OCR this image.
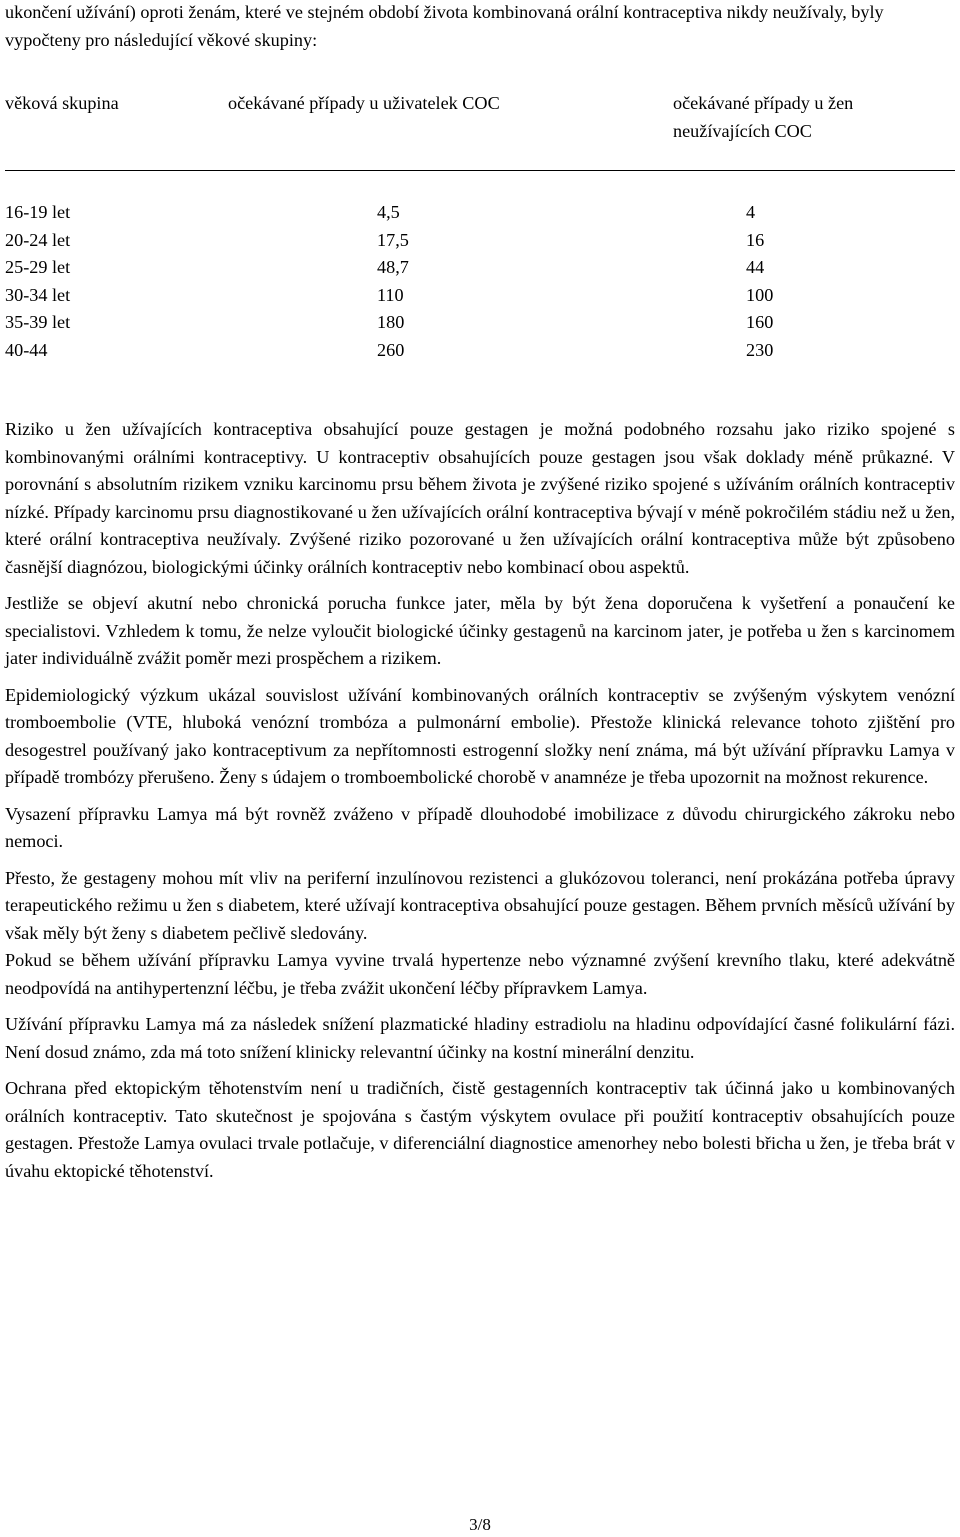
ukončení užívání) oproti ženám, které ve stejném období života kombinovaná orální kontraceptiva nikdy neužívaly, byly vypočteny pro následující věkové skupiny:
věková skupina	očekávané případy u uživatelek COC	očekávané případy u žen neužívajících COC
16-19 let	4,5	4
20-24 let	17,5	16
25-29 let	48,7	44
30-34 let	110	100
35-39 let	180	160
40-44	260	230

Riziko u žen užívajících kontraceptiva obsahující pouze gestagen je možná podobného rozsahu jako riziko spojené s kombinovanými orálními kontraceptivy. U kontraceptiv obsahujících pouze gestagen jsou však doklady méně průkazné. V porovnání s absolutním rizikem vzniku karcinomu prsu během života je zvýšené riziko spojené s užíváním orálních kontraceptiv nízké. Případy karcinomu prsu diagnostikované u žen užívajících orální kontraceptiva bývají v méně pokročilém stádiu než u žen, které orální kontraceptiva neužívaly. Zvýšené riziko pozorované u žen užívajících orální kontraceptiva může být způsobeno časnější diagnózou, biologickými účinky orálních kontraceptiv nebo kombinací obou aspektů.

Jestliže se objeví akutní nebo chronická porucha funkce jater, měla by být žena doporučena k vyšetření a ponaučení ke specialistovi. Vzhledem k tomu, že nelze vyloučit biologické účinky gestagenů na karcinom jater, je potřeba u žen s karcinomem jater individuálně zvážit poměr mezi prospěchem a rizikem.

Epidemiologický výzkum ukázal souvislost užívání kombinovaných orálních kontraceptiv se zvýšeným výskytem venózní tromboembolie (VTE, hluboká venózní trombóza a pulmonární embolie). Přestože klinická relevance tohoto zjištění pro desogestrel používaný jako kontraceptivum za nepřítomnosti estrogenní složky není známa, má být užívání přípravku Lamya v případě trombózy přerušeno. Ženy s údajem o tromboembolické chorobě v anamnéze je třeba upozornit na možnost rekurence.

Vysazení přípravku Lamya má být rovněž zváženo v případě dlouhodobé imobilizace z důvodu chirurgického zákroku nebo nemoci.

Přesto, že gestageny mohou mít vliv na periferní inzulínovou rezistenci a glukózovou toleranci, není prokázána potřeba úpravy terapeutického režimu u žen s diabetem, které užívají kontraceptiva obsahující pouze gestagen. Během prvních měsíců užívání by však měly být ženy s diabetem pečlivě sledovány.

Pokud se během užívání přípravku Lamya vyvine trvalá hypertenze nebo významné zvýšení krevního tlaku, které adekvátně neodpovídá na antihypertenzní léčbu, je třeba zvážit ukončení léčby přípravkem Lamya.

Užívání přípravku Lamya má za následek snížení plazmatické hladiny estradiolu na hladinu odpovídající časné folikulární fázi. Není dosud známo, zda má toto snížení klinicky relevantní účinky na kostní minerální denzitu.

Ochrana před ektopickým těhotenstvím není u tradičních, čistě gestagenních kontraceptiv tak účinná jako u kombinovaných orálních kontraceptiv. Tato skutečnost je spojována s častým výskytem ovulace při použití kontraceptiv obsahujících pouze gestagen. Přestože Lamya ovulaci trvale potlačuje, v diferenciální diagnostice amenorhey nebo bolesti břicha u žen, je třeba brát v úvahu ektopické těhotenství.

3/8
